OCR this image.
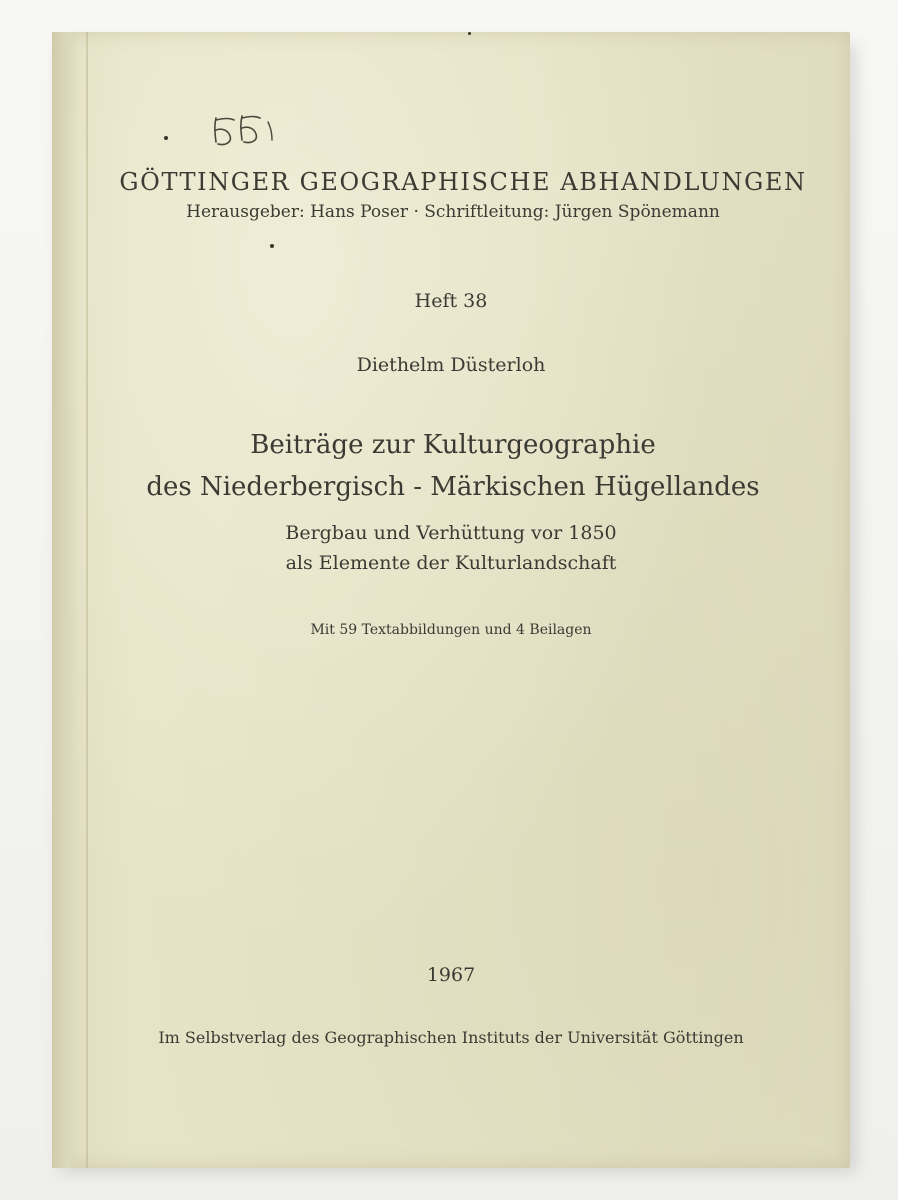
GÖTTINGER GEOGRAPHISCHE ABHANDLUNGEN
Herausgeber: Hans Poser · Schriftleitung: Jürgen Spönemann
Heft 38
Diethelm Düsterloh
Beiträge zur Kulturgeographie
des Niederbergisch - Märkischen Hügellandes
Bergbau und Verhüttung vor 1850
als Elemente der Kulturlandschaft
Mit 59 Textabbildungen und 4 Beilagen
1967
Im Selbstverlag des Geographischen Instituts der Universität Göttingen
